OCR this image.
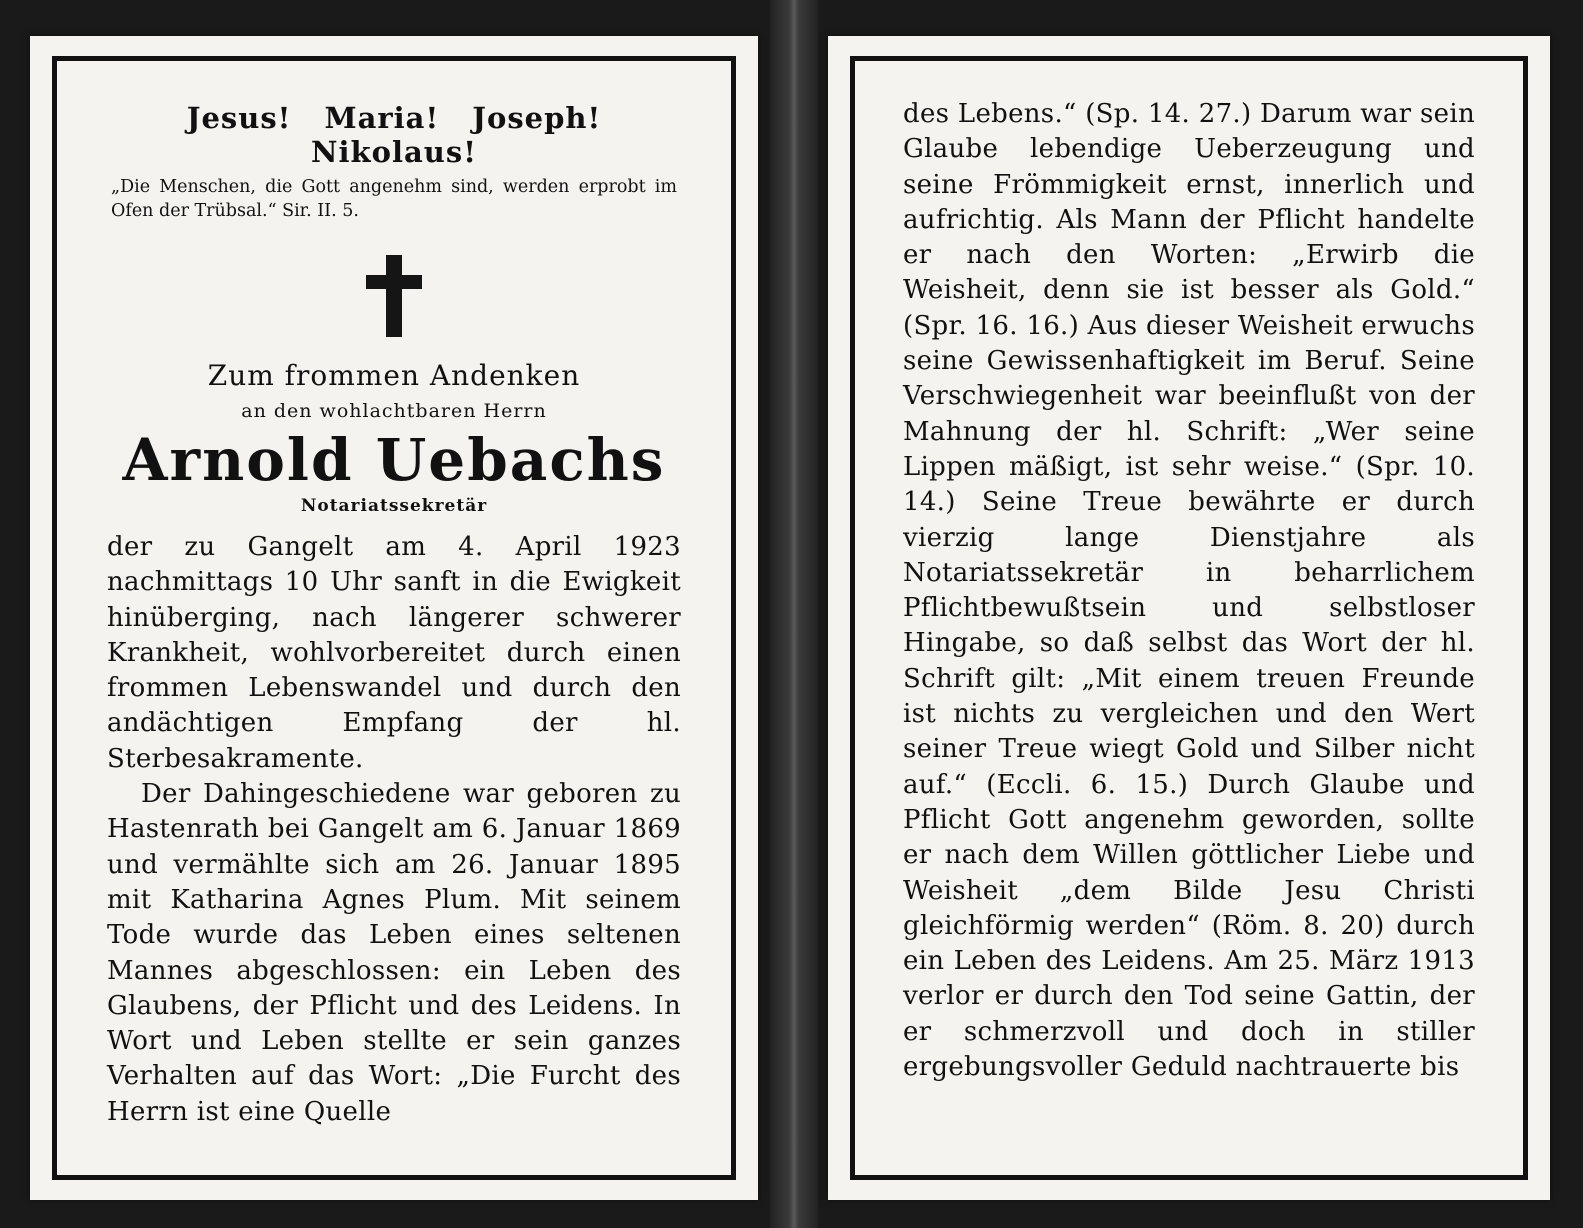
Jesus! Maria! Joseph! Nikolaus!
„Die Menschen, die Gott angenehm sind, werden erprobt im Ofen der Trübsal.“ Sir. II. 5.
Zum frommen Andenken
an den wohlachtbaren Herrn
Arnold Uebachs
Notariatssekretär

der zu Gangelt am 4. April 1923 nachmittags 10 Uhr sanft in die Ewigkeit hinüberging, nach längerer schwerer Krankheit, wohlvorbereitet durch einen frommen Lebenswandel und durch den andächtigen Empfang der hl. Sterbesakramente.

Der Dahingeschiedene war geboren zu Hastenrath bei Gangelt am 6. Januar 1869 und vermählte sich am 26. Januar 1895 mit Katharina Agnes Plum. Mit seinem Tode wurde das Leben eines seltenen Mannes abgeschlossen: ein Leben des Glaubens, der Pflicht und des Leidens. In Wort und Leben stellte er sein ganzes Verhalten auf das Wort: „Die Furcht des Herrn ist eine Quelle

des Lebens.“ (Sp. 14. 27.) Darum war sein Glaube lebendige Ueberzeugung und seine Frömmigkeit ernst, innerlich und aufrichtig. Als Mann der Pflicht handelte er nach den Worten: „Erwirb die Weisheit, denn sie ist besser als Gold.“ (Spr. 16. 16.) Aus dieser Weisheit erwuchs seine Gewissenhaftigkeit im Beruf. Seine Verschwiegenheit war beeinflußt von der Mahnung der hl. Schrift: „Wer seine Lippen mäßigt, ist sehr weise.“ (Spr. 10. 14.) Seine Treue bewährte er durch vierzig lange Dienstjahre als Notariatssekretär in beharrlichem Pflichtbewußtsein und selbstloser Hingabe, so daß selbst das Wort der hl. Schrift gilt: „Mit einem treuen Freunde ist nichts zu vergleichen und den Wert seiner Treue wiegt Gold und Silber nicht auf.“ (Eccli. 6. 15.) Durch Glaube und Pflicht Gott angenehm geworden, sollte er nach dem Willen göttlicher Liebe und Weisheit „dem Bilde Jesu Christi gleichförmig werden“ (Röm. 8. 20) durch ein Leben des Leidens. Am 25. März 1913 verlor er durch den Tod seine Gattin, der er schmerzvoll und doch in stiller ergebungsvoller Geduld nachtrauerte bis
